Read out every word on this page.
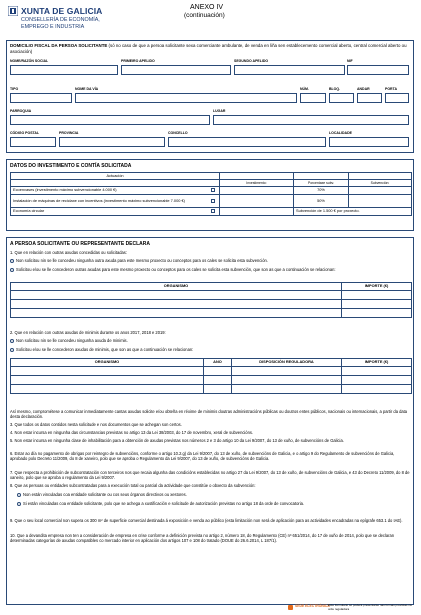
XUNTA DE GALICIA
CONSELLERÍA DE ECONOMÍA,
EMPREGO E INDUSTRIA
ANEXO IV
(continuación)
DOMICILIO FISCAL DA PERSOA SOLICITANTE (só no caso de que a persoa solicitante sexa comerciante ambulante, de venda en liña sen establecemento comercial aberto, central comercial aberto ou asociación)
NOME/RAZÓN SOCIAL	PRIMEIRO APELIDO	SEGUNDO APELIDO	NIF
TIPO	NOME DA VÍA	NÚM.	BLOQ.	ANDAR	PORTA
PARROQUIA	LUGAR
CÓDIGO POSTAL	PROVINCIA	CONCELLO	LOCALIDADE
DATOS DO INVESTIMENTO E CONTÍA SOLICITADA
Actuación				
		Investimento:	Porcentaxe subv.	Subvención:
Ecoenvases (investimento máximo subvencionable 4.000 €)			70%	
Instalación de máquinas de reciclaxe con incentivos (investimento máximo subvencionable 7.000 €)			50%	
Economía circular			Subvención de 1.500 € por proxecto.	
A PERSOA SOLICITANTE OU REPRESENTANTE DECLARA
1. Que en relación con outras axudas concedidas ou solicitadas:
Non solicitou nin se lle concedeu ningunha outra axuda para este mesmo proxecto ou conceptos para os cales se solicita esta subvención.
Solicitou e/ou se lle concederon outras axudas para este mesmo proxecto ou conceptos para os cales se solicita esta subvención, que son as que a continuación se relacionan:
ORGANISMO	IMPORTE (€)

2. Que en relación con outras axudas de minimis durante os anos 2017, 2018 e 2019:
Non solicitou nin se lle concedeu ningunha axuda de minimis.
Solicitou e/ou se lle concederon axudas de minimis, que son as que a continuación se relacionan:
ORGANISMO	ANO	DISPOSICIÓN REGULADORA	IMPORTE (€)

Así mesmo, comprométese a comunicar inmediatamente cantas axudas solicite e/ou obteña en réxime de minimis doutras administracións públicas ou doutros entes públicos, nacionais ou internacionais, a partir da data desta declaración.
3. Que todos os datos contidos nesta solicitude e nos documentos que se achegan son certos.
4. Non estar incursa en ningunha das circunstancias previstas no artigo 13 da Lei 38/2003, do 17 de novembro, xeral de subvencións.
5. Non estar incursa en ningunha clase de inhabilitación para a obtención de axudas previstas nos números 2 e 3 do artigo 10 da Lei 9/2007, do 13 de xuño, de subvencións de Galicia.
6. Estar ao día no pagamento de obrigas por reintegro de subvencións, conforme o artigo 10.2.g) da Lei 9/2007, do 13 de xuño, de subvencións de Galicia, e o artigo 9 do Regulamento de subvencións de Galicia, aprobado polo Decreto 11/2009, do 8 de xaneiro, polo que se aproba o Regulamento da Lei 9/2007, do 13 de xuño, de subvencións de Galicia.
7. Que respecta a prohibición de subcontratación con terceiros nos que recaia algunha das condicións establecidas no artigo 27 da Lei 9/2007, do 13 de xuño, de subvencións de Galicia, e 43 do Decreto 11/2009, do 8 de xaneiro, polo que se aproba o regulamento da Lei 9/2007.
8. Que as persoas ou entidades subcontratadas para a execución total ou parcial da actividade que constitúe o obxecto da subvención:
Non están vinculadas coa entidade solicitante ou cos seus órganos directivos ou xestores.
Si están vinculadas coa entidade solicitante, polo que se achega a xustificación e solicitude de autorización previstas no artigo 18 da orde de convocatoria.
9. Que o seu local comercial non supera os 300 m² de superficie comercial destinada á exposición e venda ao público (esta limitación non será de aplicación para as actividades encadradas na epígrafe 653.1 do IAE).
10. Que a devandita empresa non ten a consideración de empresa en crise conforme a definición prevista no artigo 2, número 18, do Regulamento (CE) nº 651/2014, do 17 de xuño de 2014, polo que se declaran determinadas categorías de axudas compatibles co mercado interior en aplicación dos artigos 107 e 108 do tratado (DOUE do 26.6.2014, L 187/1).
SEDE ELECTRÓNICA
Este formulario só poderá presentarse nas formas previstas na orde reguladora
